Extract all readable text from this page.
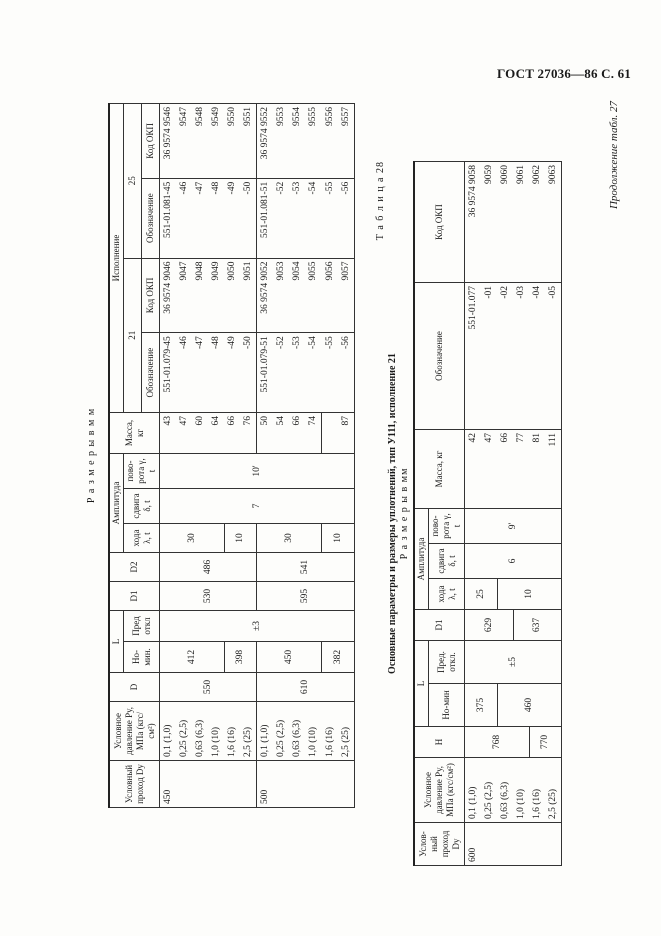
ГОСТ 27036—86 С. 61
Продолжение табл. 27
Р а з м е р ы в м м
Условный проход Dу	Условное давление Pу, МПа (кгс/см²)	D	L		D1	D2	Амплитуда			Масса, кг	Исполнение			
			Но-мин.	Пред откл			хода λ, t	сдвига δ, t	пово-рота γ, t		21		25	
											Обозначение	Код ОКП	Обозначение	Код ОКП
450	0,1 (1,0)	550	412	±3	530	486	30	7	10'	43	551-01.079-45	36 9574 9046	551-01.081-45	36 9574 9546
	0,25 (2,5)									47	-46	9047	-46	9547
	0,63 (6,3)									60	-47	9048	-47	9548
	1,0 (10)									64	-48	9049	-48	9549
	1,6 (16)		398				10			66	-49	9050	-49	9550
	2,5 (25)									76	-50	9051	-50	9551
500	0,1 (1,0)	610	450		595	541	30			50	551-01.079-51	36 9574 9052	551-01.081-51	36 9574 9552
	0,25 (2,5)									54	-52	9053	-52	9553
	0,63 (6,3)									66	-53	9054	-53	9554
	1,0 (10)									74	-54	9055	-54	9555
	1,6 (16)		382				10				-55	9056	-55	9556
	2,5 (25)									87	-56	9057	-56	9557
Т а б л и ц а 28
Основные параметры и размеры уплотнений, тип У111, исполнение 21 Р а з м е р ы в мм
Услов-ный проход Dу	Условное давление Pу, МПа (кгс/см²)	H	L		D1	Амплитуда			Масса, кг	Обозначение	Код ОКП
			Но-мин	Пред. откл.		хода λ, t	сдвига δ, t	пово-рота γ, t			

600	0,1 (1,0)	768	375	±5	629	25	6	9'	42	551-01.077	36 9574 9058
	0,25 (2,5)								47	-01	9059
	0,63 (6,3)		460			10			66	-02	9060
	1,0 (10)				637				77	-03	9061
	1,6 (16)	770							81	-04	9062
	2,5 (25)								111	-05	9063
